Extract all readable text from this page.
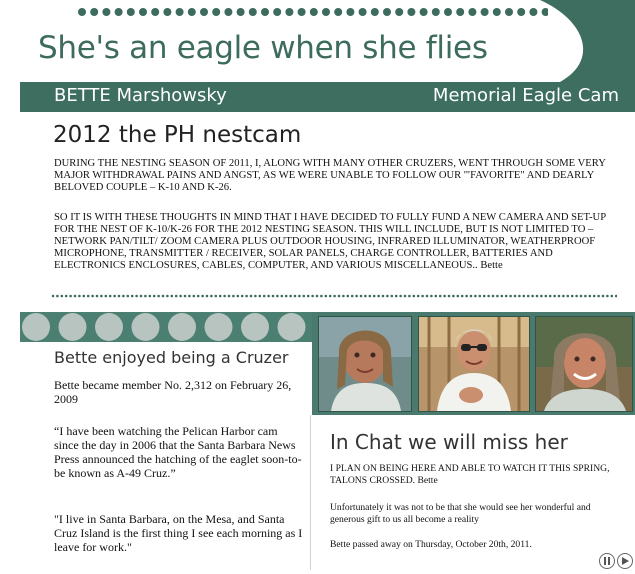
She's an eagle when she flies
BETTE Marshowsky	Memorial Eagle Cam
2012 the PH nestcam
DURING THE NESTING SEASON OF 2011, I, ALONG WITH MANY OTHER CRUZERS, WENT THROUGH SOME VERY MAJOR WITHDRAWAL PAINS AND ANGST, AS WE WERE UNABLE TO FOLLOW OUR '"FAVORITE" AND DEARLY BELOVED COUPLE – K-10 AND K-26.
SO IT IS WITH THESE THOUGHTS IN MIND THAT I HAVE DECIDED TO FULLY FUND A NEW CAMERA AND SET-UP FOR THE NEST OF K-10/K-26 FOR THE 2012 NESTING SEASON. THIS WILL INCLUDE, BUT IS NOT LIMITED TO – NETWORK PAN/TILT/ ZOOM CAMERA PLUS OUTDOOR HOUSING, INFRARED ILLUMINATOR, WEATHERPROOF MICROPHONE, TRANSMITTER / RECEIVER, SOLAR PANELS, CHARGE CONTROLLER, BATTERIES AND ELECTRONICS ENCLOSURES, CABLES, COMPUTER, AND VARIOUS MISCELLANEOUS.. Bette
Bette enjoyed being a Cruzer
Bette became member No. 2,312 on February 26, 2009
“I have been watching the Pelican Harbor cam since the day in 2006 that the Santa Barbara News Press announced the hatching of the eaglet soon-to-be known as A-49 Cruz.”
"I live in Santa Barbara, on the Mesa, and Santa Cruz Island is the first thing I see each morning as I leave for work."
In Chat we will miss her
I PLAN ON BEING HERE AND ABLE TO WATCH IT THIS SPRING, TALONS CROSSED. Bette
Unfortunately it was not to be that she would see her wonderful and generous gift to us all become a reality
Bette passed away on Thursday, October 20th, 2011.
